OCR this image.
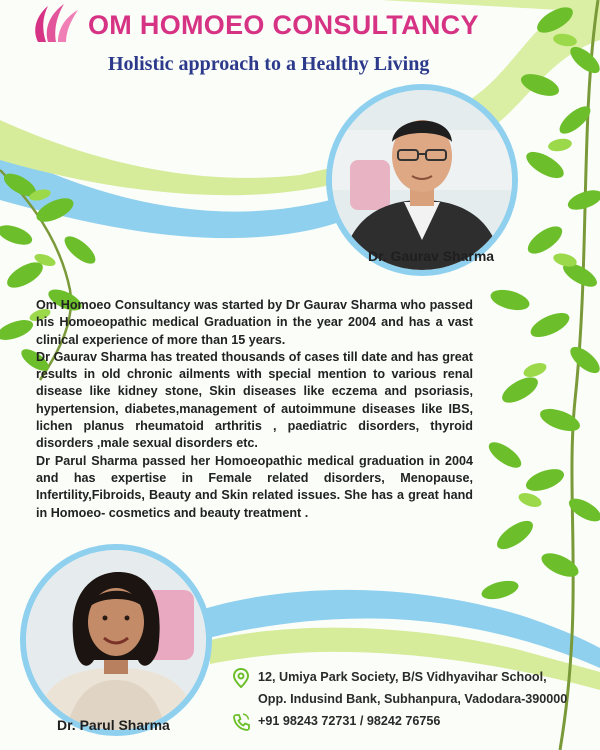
OM HOMOEO CONSULTANCY
Holistic approach to a Healthy Living
Dr. Gaurav Sharma

Om Homoeo Consultancy was started by Dr Gaurav Sharma who passed his Homoeopathic medical Graduation in the year 2004 and has a vast clinical experience of more than 15 years.

Dr Gaurav Sharma has treated thousands of cases till date and has great results in old chronic ailments with special mention to various renal disease like kidney stone, Skin diseases like eczema and psoriasis, hypertension, diabetes,management of autoimmune diseases like IBS, lichen planus rheumatoid arthritis , paediatric disorders, thyroid disorders ,male sexual disorders etc.

Dr Parul Sharma passed her Homoeopathic medical graduation in 2004 and has expertise in Female related disorders, Menopause, Infertility,Fibroids, Beauty and Skin related issues. She has a great hand in Homoeo- cosmetics and beauty treatment .

Dr. Parul Sharma
12, Umiya Park Society, B/S Vidhyavihar School,
Opp. Indusind Bank, Subhanpura, Vadodara-390000
+91 98243 72731 / 98242 76756
